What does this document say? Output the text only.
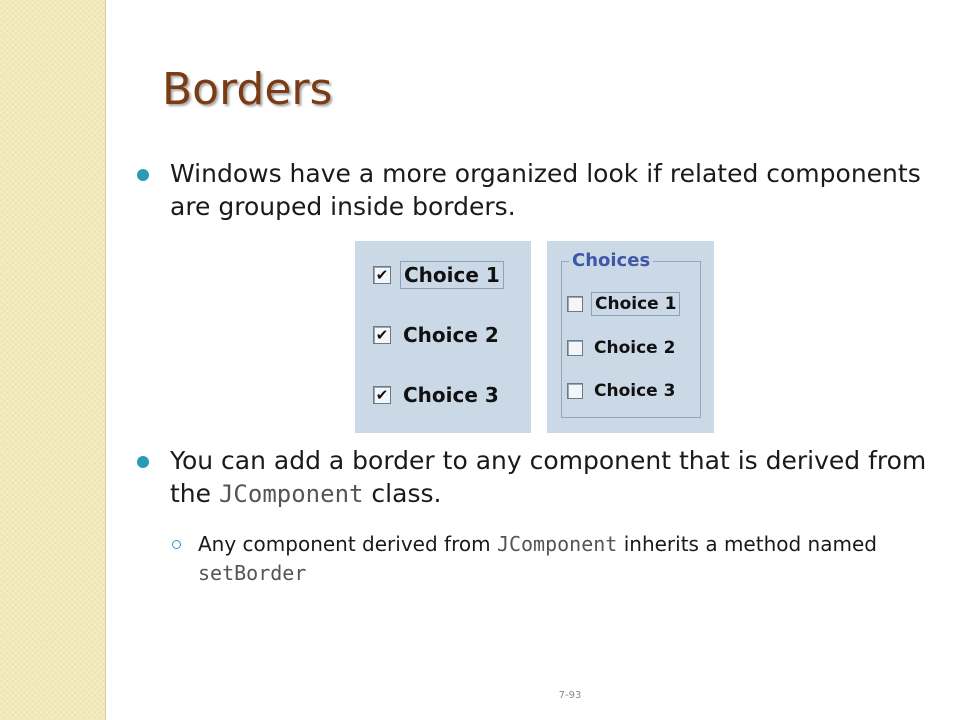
Borders
Windows have a more organized look if related components are grouped inside borders.
✔ Choice 1
✔ Choice 2
✔ Choice 3
Choices
Choice 1
Choice 2
Choice 3
You can add a border to any component that is derived from the JComponent class.
Any component derived from JComponent inherits a method named setBorder
7-93
